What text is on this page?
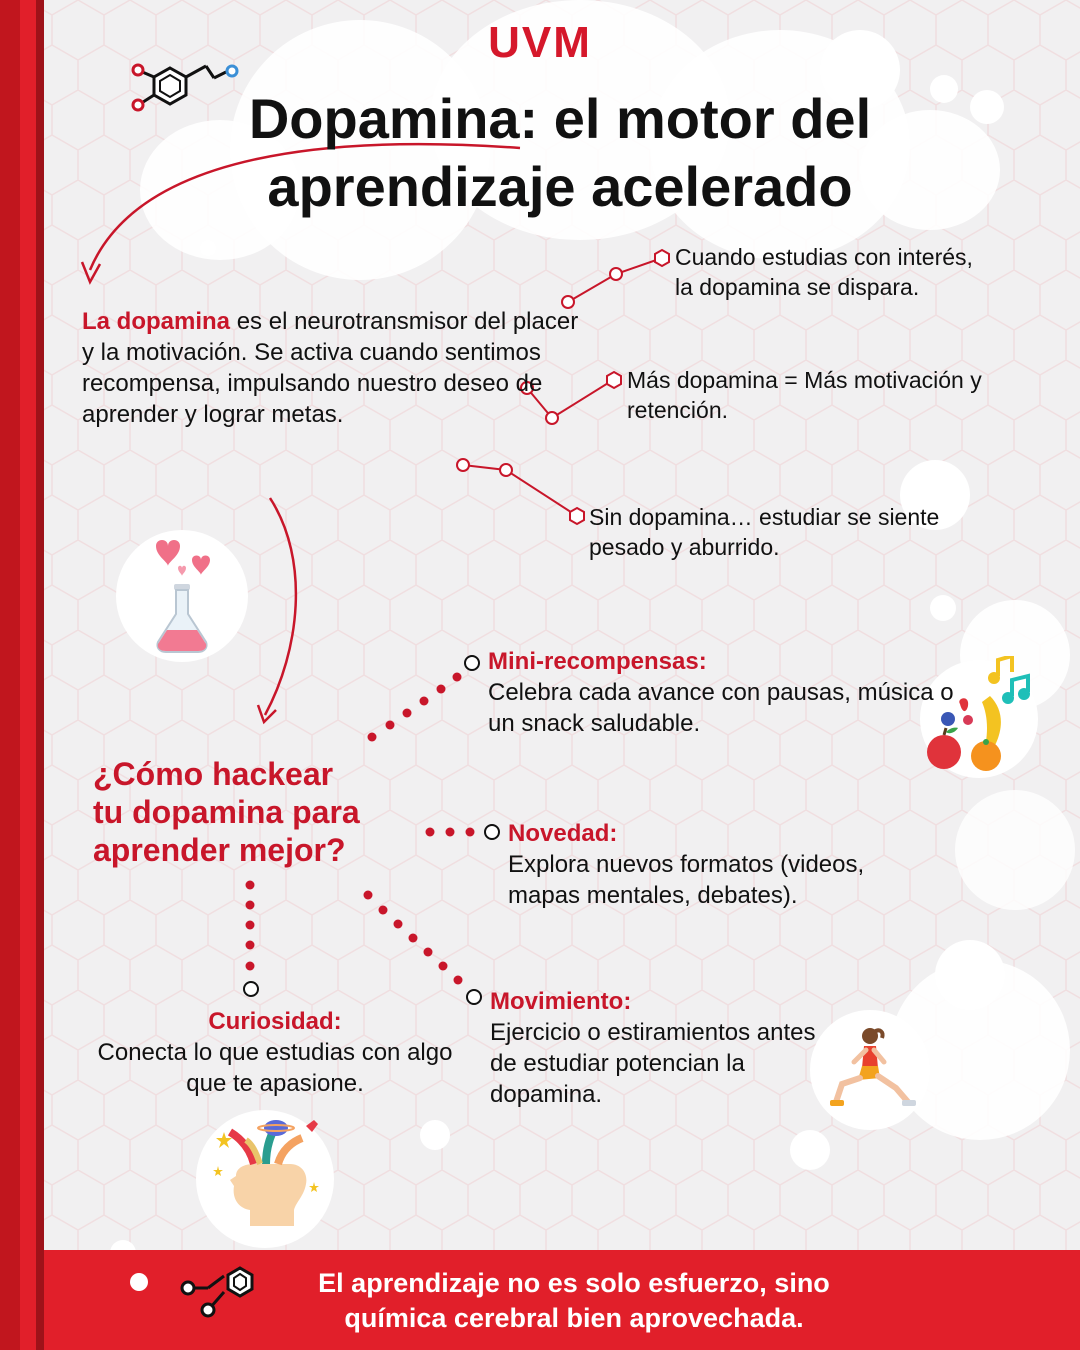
UVM
Dopamina: el motor del
aprendizaje acelerado
La dopamina es el neurotransmisor del placer y la motivación. Se activa cuando sentimos recompensa, impulsando nuestro deseo de aprender y lograr metas.
Cuando estudias con interés, la dopamina se dispara.
Más dopamina = Más motivación y retención.
Sin dopamina… estudiar se siente pesado y aburrido.
¿Cómo hackear
tu dopamina para
aprender mejor?
Mini-recompensas:
Celebra cada avance con pausas, música o un snack saludable.
Novedad:
Explora nuevos formatos (videos, mapas mentales, debates).
Movimiento:
Ejercicio o estiramientos antes de estudiar potencian la dopamina.
Curiosidad:
Conecta lo que estudias con algo que te apasione.
El aprendizaje no es solo esfuerzo, sino
química cerebral bien aprovechada.
